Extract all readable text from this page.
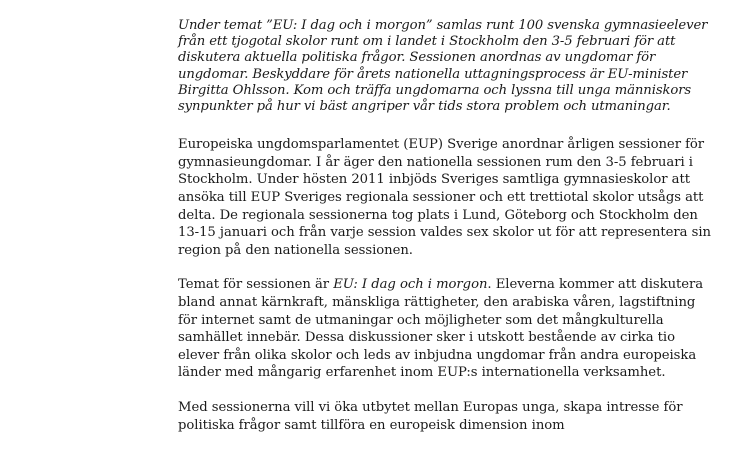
Under temat ”EU: I dag och i morgon” samlas runt 100 svenska gymnasieelever
från ett tjogotal skolor runt om i landet i Stockholm den 3-5 februari för att
diskutera aktuella politiska frågor. Sessionen anordnas av ungdomar för
ungdomar. Beskyddare för årets nationella uttagningsprocess är EU-minister
Birgitta Ohlsson. Kom och träffa ungdomarna och lyssna till unga människors
synpunkter på hur vi bäst angriper vår tids stora problem och utmaningar.
Europeiska ungdomsparlamentet (EUP) Sverige anordnar årligen sessioner för
gymnasieungdomar. I år äger den nationella sessionen rum den 3-5 februari i
Stockholm. Under hösten 2011 inbjöds Sveriges samtliga gymnasieskolor att
ansöka till EUP Sveriges regionala sessioner och ett trettiotal skolor utsågs att
delta. De regionala sessionerna tog plats i Lund, Göteborg och Stockholm den
13-15 januari och från varje session valdes sex skolor ut för att representera sin
region på den nationella sessionen.
Temat för sessionen är EU: I dag och i morgon. Eleverna kommer att diskutera
bland annat kärnkraft, mänskliga rättigheter, den arabiska våren, lagstiftning
för internet samt de utmaningar och möjligheter som det mångkulturella
samhället innebär. Dessa diskussioner sker i utskott bestående av cirka tio
elever från olika skolor och leds av inbjudna ungdomar från andra europeiska
länder med mångarig erfarenhet inom EUP:s internationella verksamhet.
Med sessionerna vill vi öka utbytet mellan Europas unga, skapa intresse för
politiska frågor samt tillföra en europeisk dimension inom
